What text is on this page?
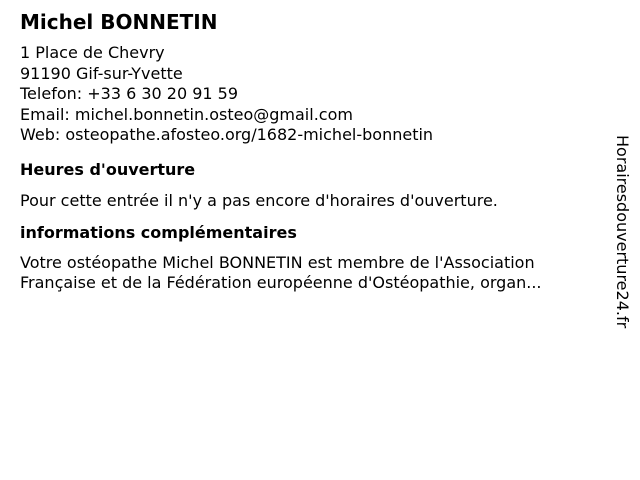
Michel BONNETIN
1 Place de Chevry
91190 Gif-sur-Yvette
Telefon: +33 6 30 20 91 59
Email: michel.bonnetin.osteo@gmail.com
Web: osteopathe.afosteo.org/1682-michel-bonnetin
Heures d'ouverture

Pour cette entrée il n'y a pas encore d'horaires d'ouverture.

informations complémentaires
Votre ostéopathe Michel BONNETIN est membre de l'Association
Française et de la Fédération européenne d'Ostéopathie, organ...	Horairesdouverture24.fr
